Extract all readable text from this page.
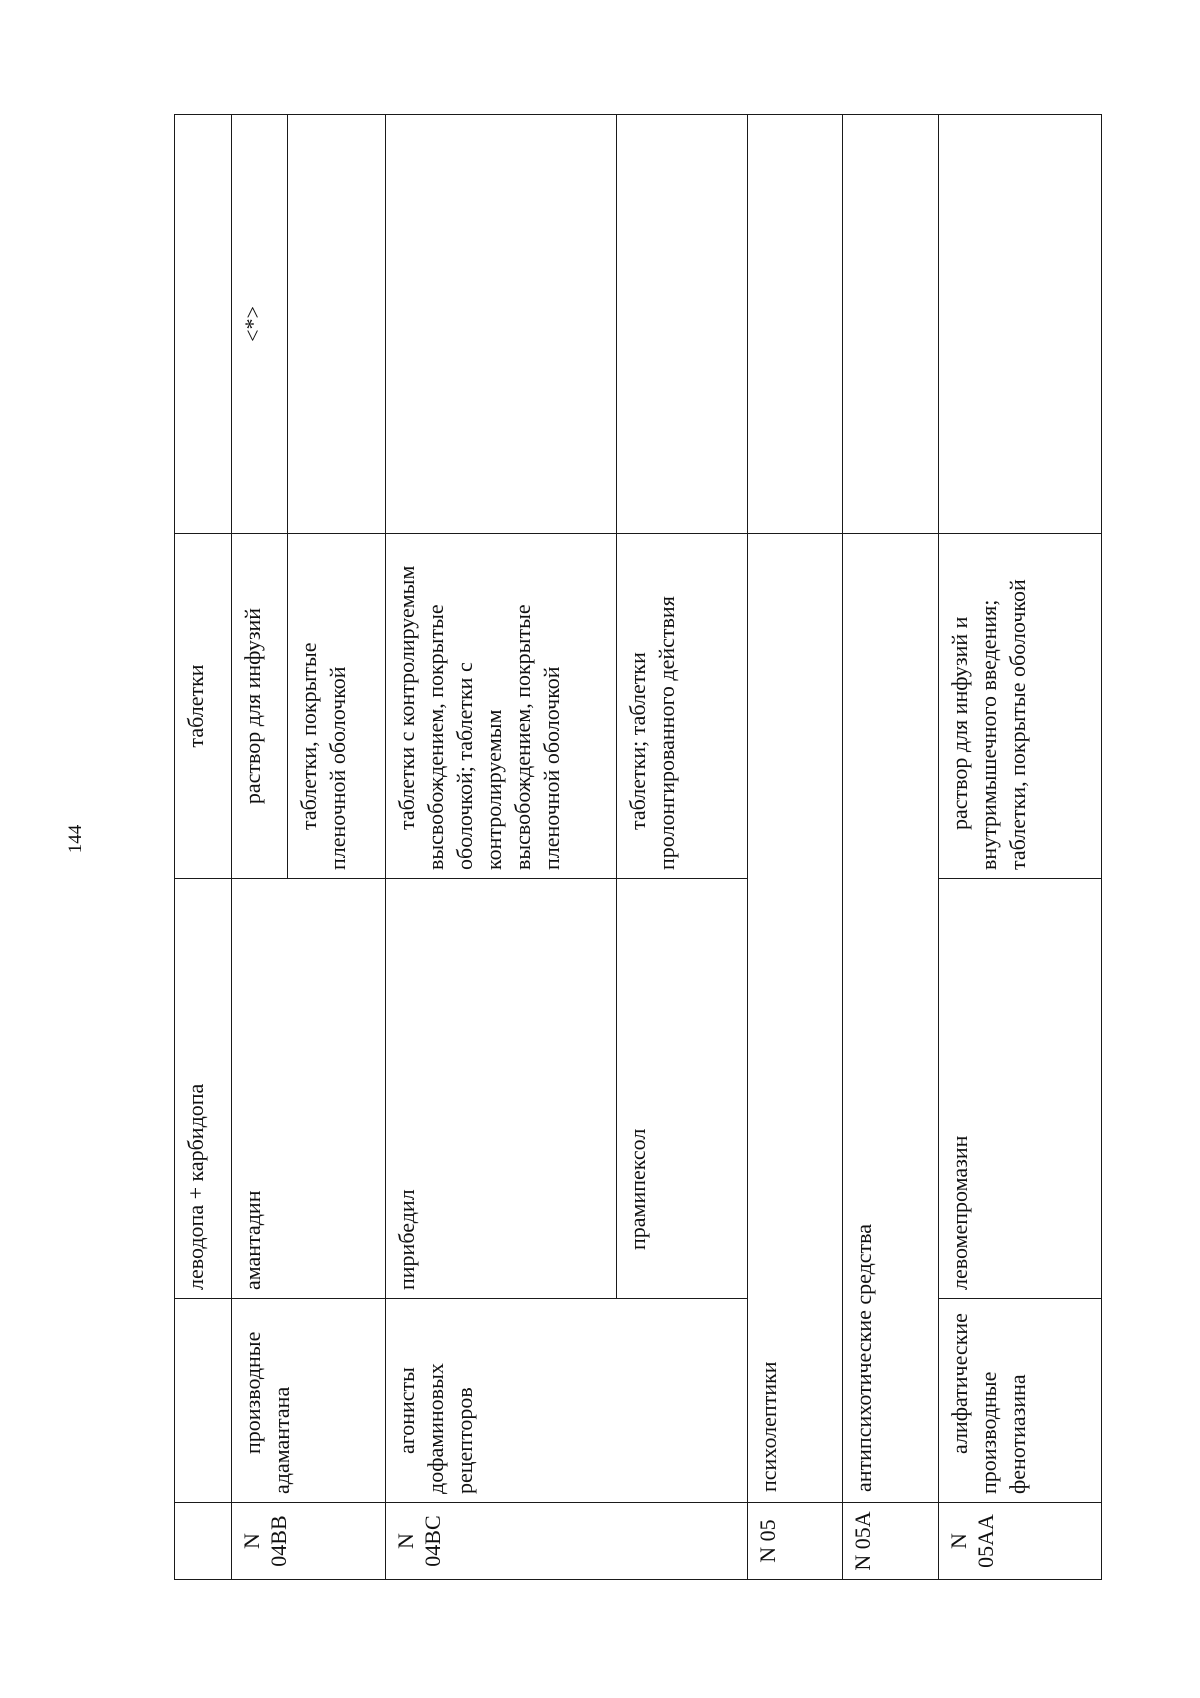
144
		леводопа + карбидопа	таблетки	
N 04BB	производные адамантана	амантадин	раствор для инфузий	<*>
			таблетки, покрытые пленочной оболочкой	
N 04BC	агонисты дофаминовых рецепторов	пирибедил	таблетки с контролируемым высвобождением, покрытые оболочкой; таблетки с контролируемым высвобождением, покрытые пленочной оболочкой	
		прамипексол	таблетки; таблетки пролонгированного действия	
N 05	психолептики			
N 05A	антипсихотические средства			
N 05AA	алифатические производные фенотиазина	левомепромазин	раствор для инфузий и внутримышечного введения; таблетки, покрытые оболочкой	
